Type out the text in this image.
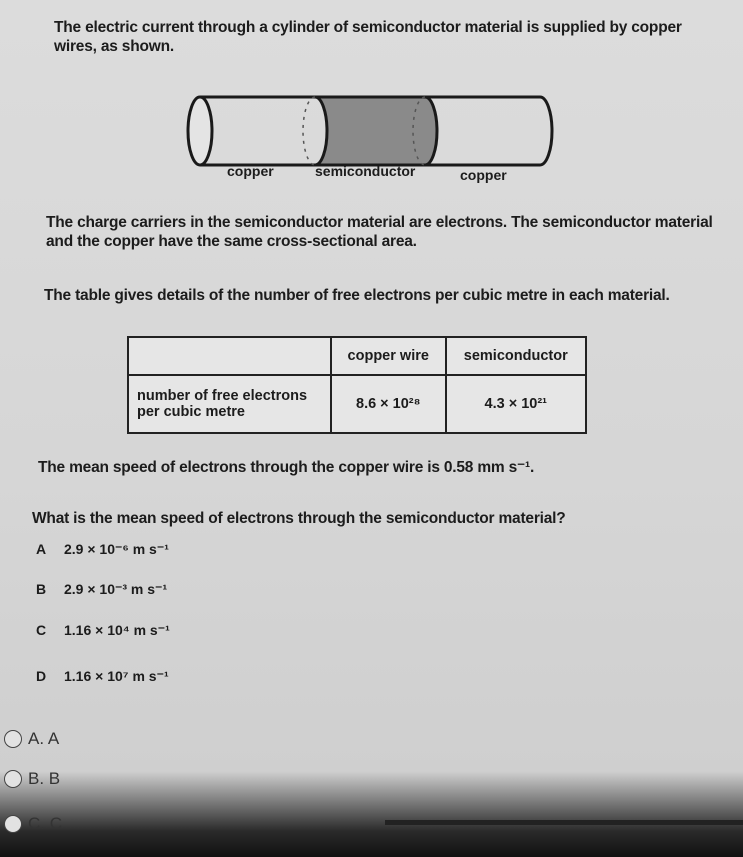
The electric current through a cylinder of semiconductor material is supplied by copper wires, as shown.
copper	semiconductor	copper
The charge carriers in the semiconductor material are electrons. The semiconductor material and the copper have the same cross-sectional area.
The table gives details of the number of free electrons per cubic metre in each material.
	copper wire	semiconductor
number of free electrons per cubic metre	8.6 × 10²⁸	4.3 × 10²¹
The mean speed of electrons through the copper wire is 0.58 mm s⁻¹.
What is the mean speed of electrons through the semiconductor material?
A 2.9 × 10⁻⁶ m s⁻¹
B 2.9 × 10⁻³ m s⁻¹
C 1.16 × 10⁴ m s⁻¹
D 1.16 × 10⁷ m s⁻¹
A. A
B. B
C. C
